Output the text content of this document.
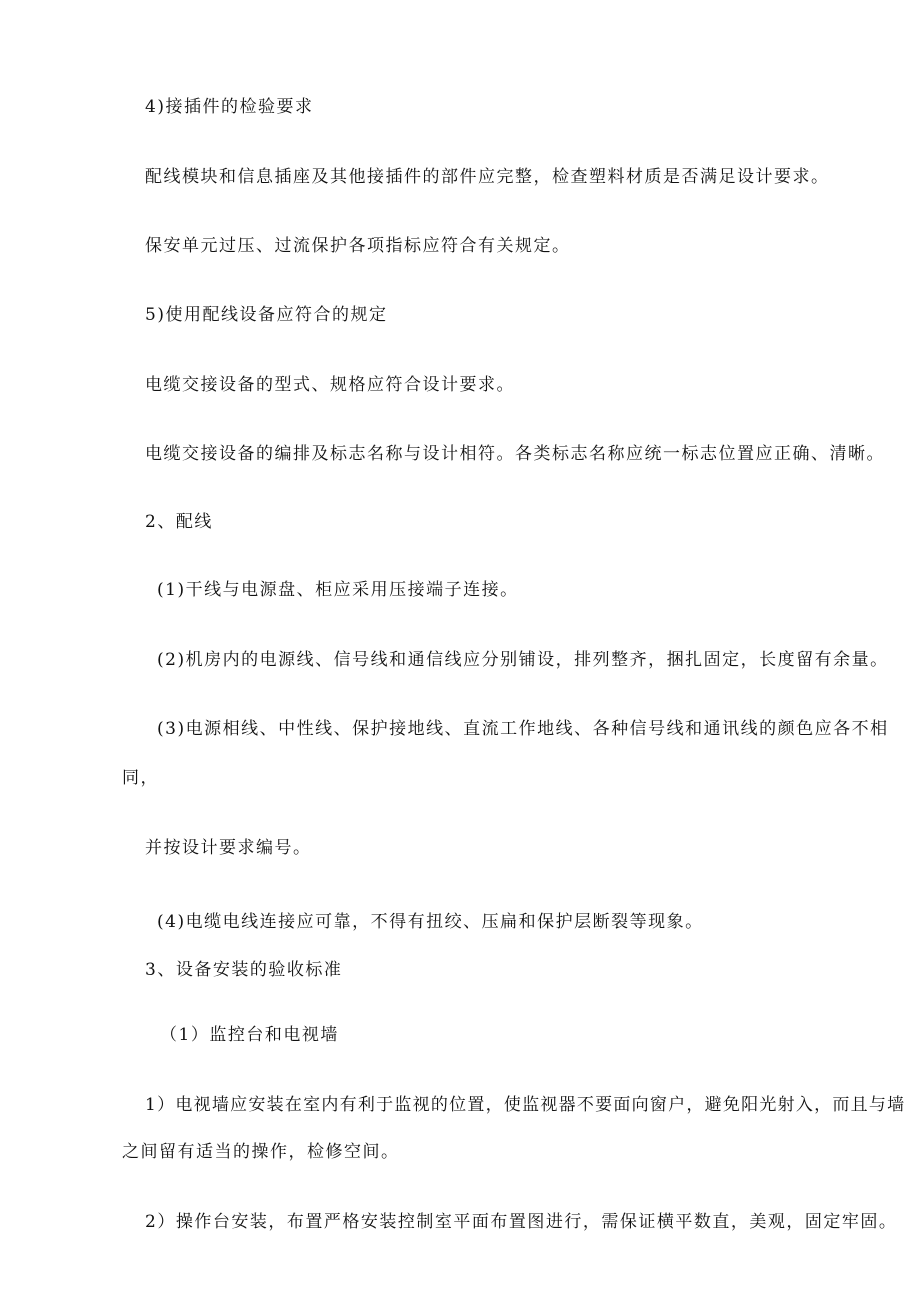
4)接插件的检验要求

配线模块和信息插座及其他接插件的部件应完整，检查塑料材质是否满足设计要求。

保安单元过压、过流保护各项指标应符合有关规定。

5)使用配线设备应符合的规定

电缆交接设备的型式、规格应符合设计要求。

电缆交接设备的编排及标志名称与设计相符。各类标志名称应统一标志位置应正确、清晰。

2、配线

(1)干线与电源盘、柜应采用压接端子连接。

(2)机房内的电源线、信号线和通信线应分别铺设，排列整齐，捆扎固定，长度留有余量。

(3)电源相线、中性线、保护接地线、直流工作地线、各种信号线和通讯线的颜色应各不相

同，

并按设计要求编号。

(4)电缆电线连接应可靠，不得有扭绞、压扁和保护层断裂等现象。

3、设备安装的验收标准

（1）监控台和电视墙

1）电视墙应安装在室内有利于监视的位置，使监视器不要面向窗户，避免阳光射入，而且与墙

之间留有适当的操作，检修空间。

2）操作台安装，布置严格安装控制室平面布置图进行，需保证横平数直，美观，固定牢固。
